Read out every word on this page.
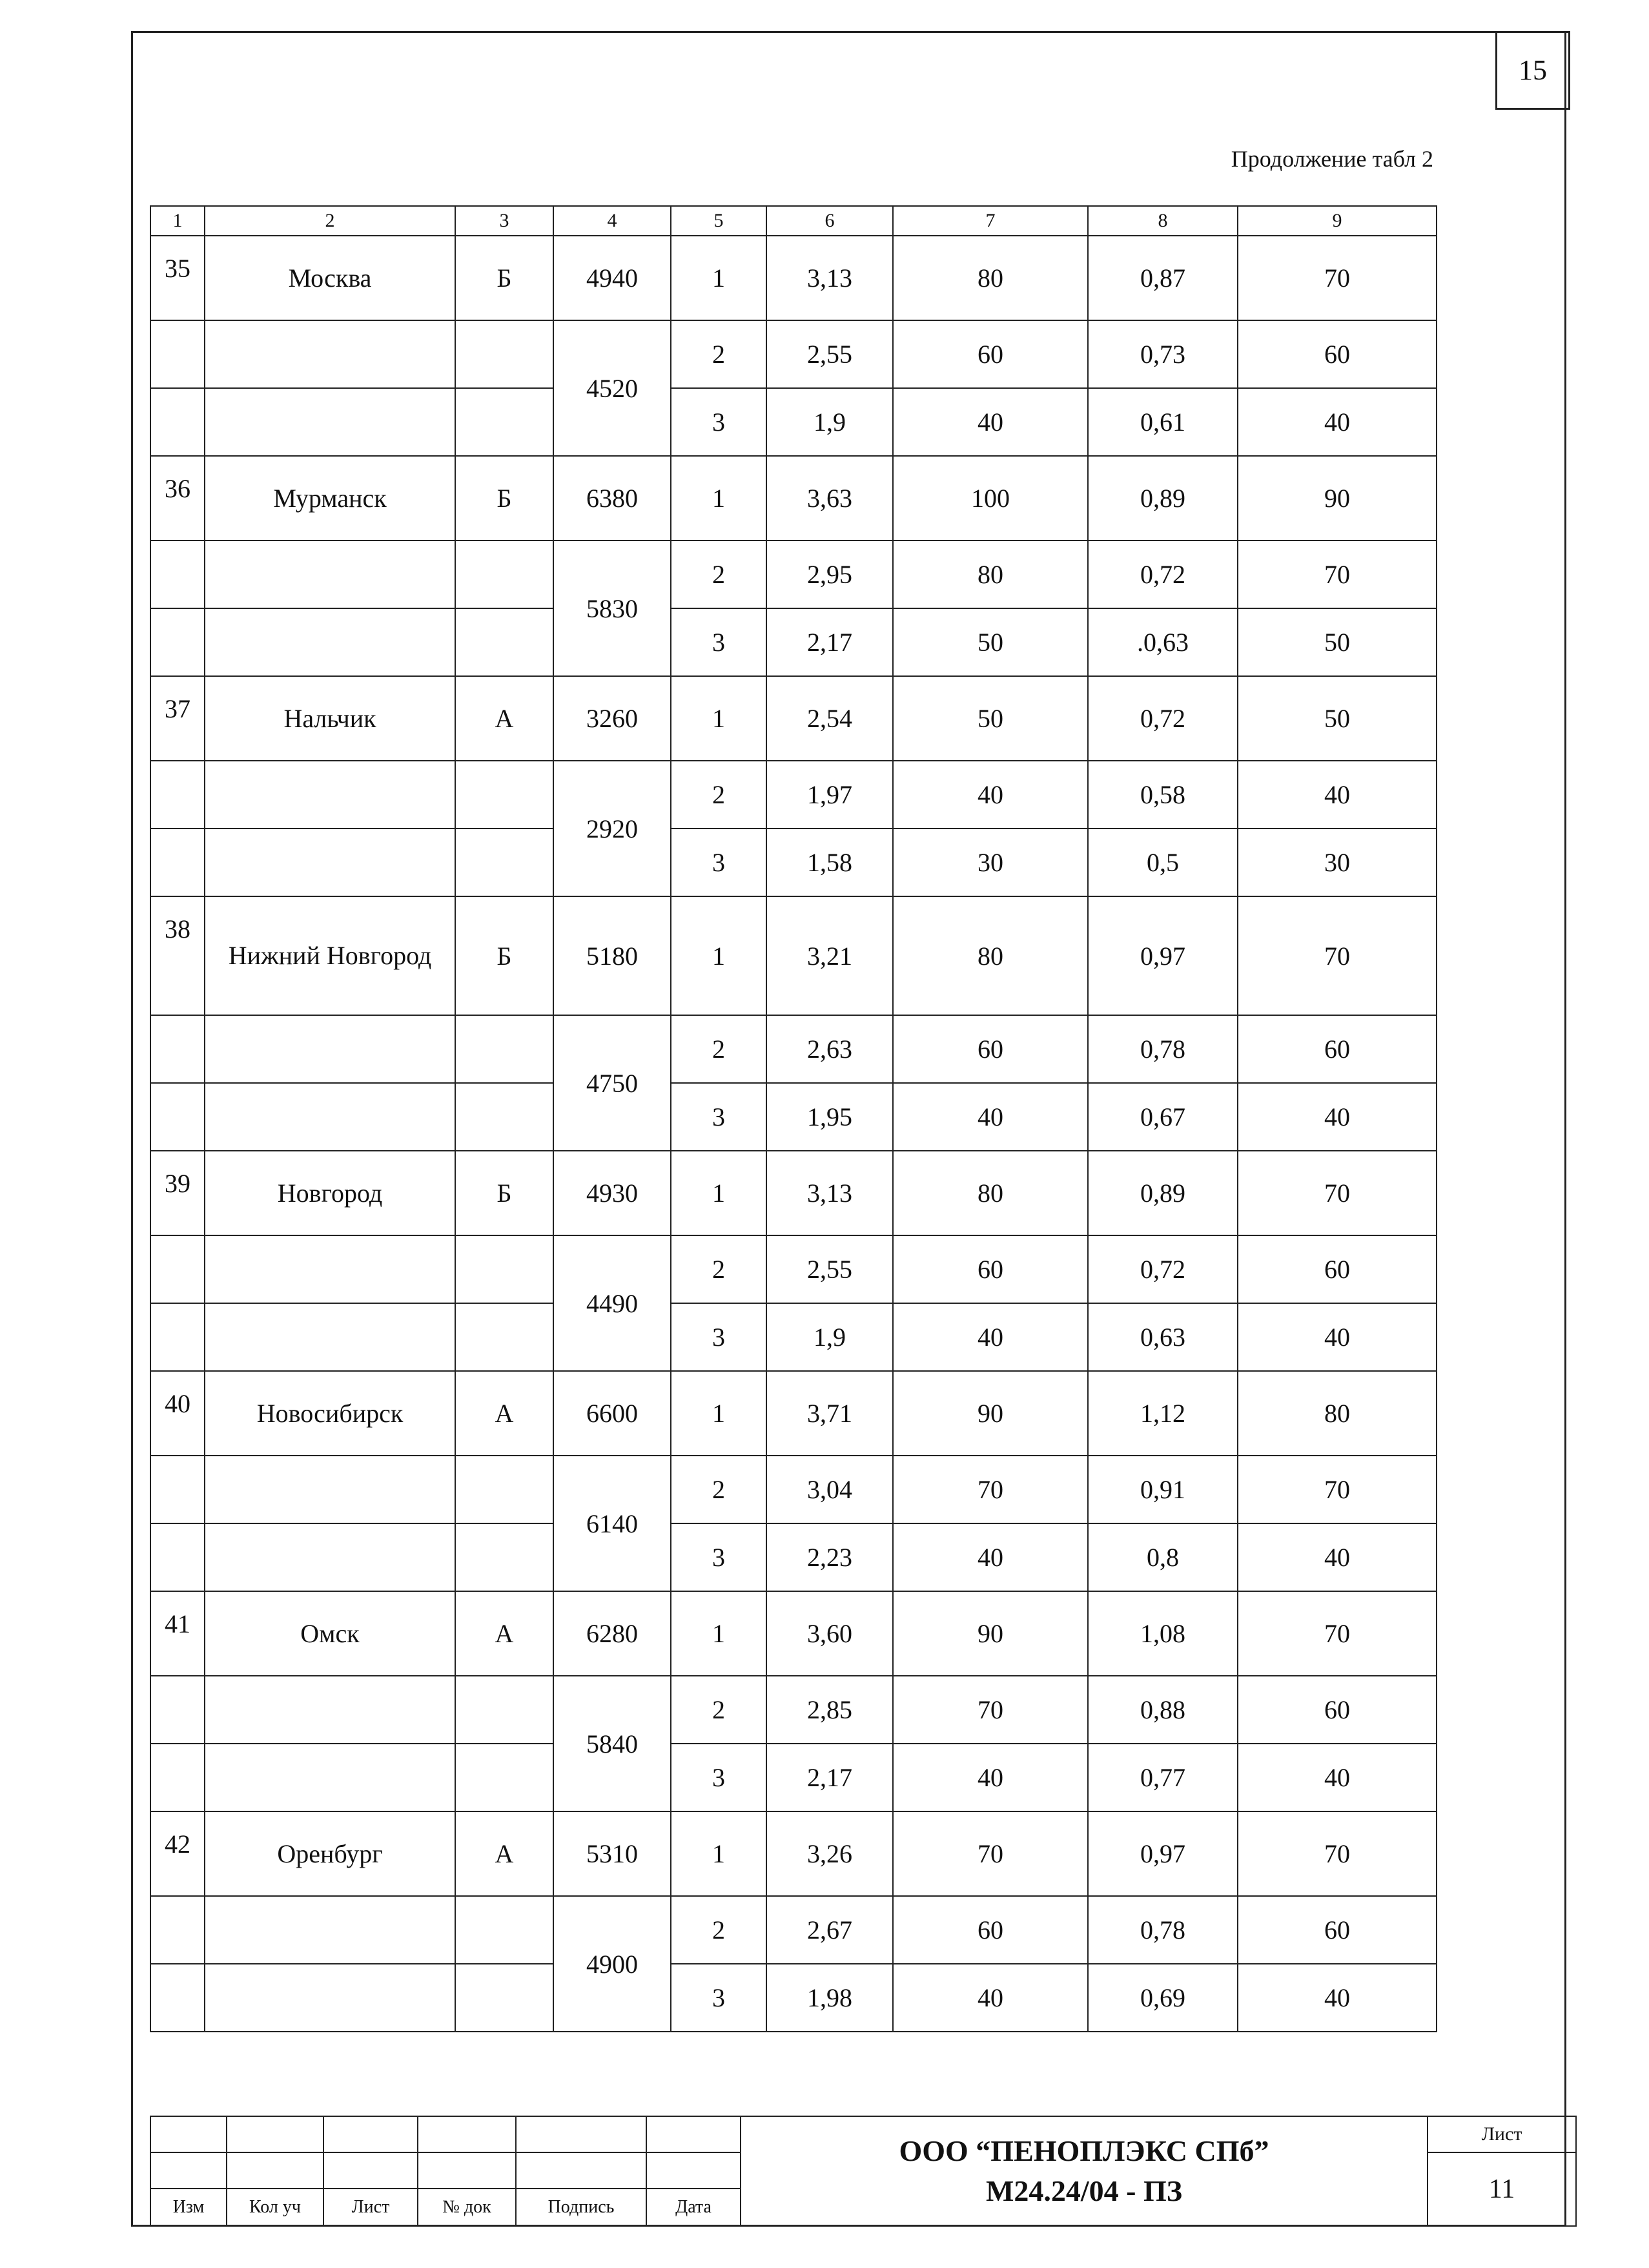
15
Продолжение табл 2
1	2	3	4	5	6	7	8	9
35	Москва	Б	4940	1	3,13	80	0,87	70
			4520	2	2,55	60	0,73	60
				3	1,9	40	0,61	40
36	Мурманск	Б	6380	1	3,63	100	0,89	90
			5830	2	2,95	80	0,72	70
				3	2,17	50	.0,63	50
37	Нальчик	А	3260	1	2,54	50	0,72	50
			2920	2	1,97	40	0,58	40
				3	1,58	30	0,5	30
38	Нижний Новгород	Б	5180	1	3,21	80	0,97	70
			4750	2	2,63	60	0,78	60
				3	1,95	40	0,67	40
39	Новгород	Б	4930	1	3,13	80	0,89	70
			4490	2	2,55	60	0,72	60
				3	1,9	40	0,63	40
40	Новосибирск	А	6600	1	3,71	90	1,12	80
			6140	2	3,04	70	0,91	70
				3	2,23	40	0,8	40
41	Омск	А	6280	1	3,60	90	1,08	70
			5840	2	2,85	70	0,88	60
				3	2,17	40	0,77	40
42	Оренбург	А	5310	1	3,26	70	0,97	70
			4900	2	2,67	60	0,78	60
				3	1,98	40	0,69	40

						ООО “ПЕНОПЛЭКС СПб”
М24.24/04 - ПЗ	Лист
							11
Изм	Кол уч	Лист	№ док	Подпись	Дата		
